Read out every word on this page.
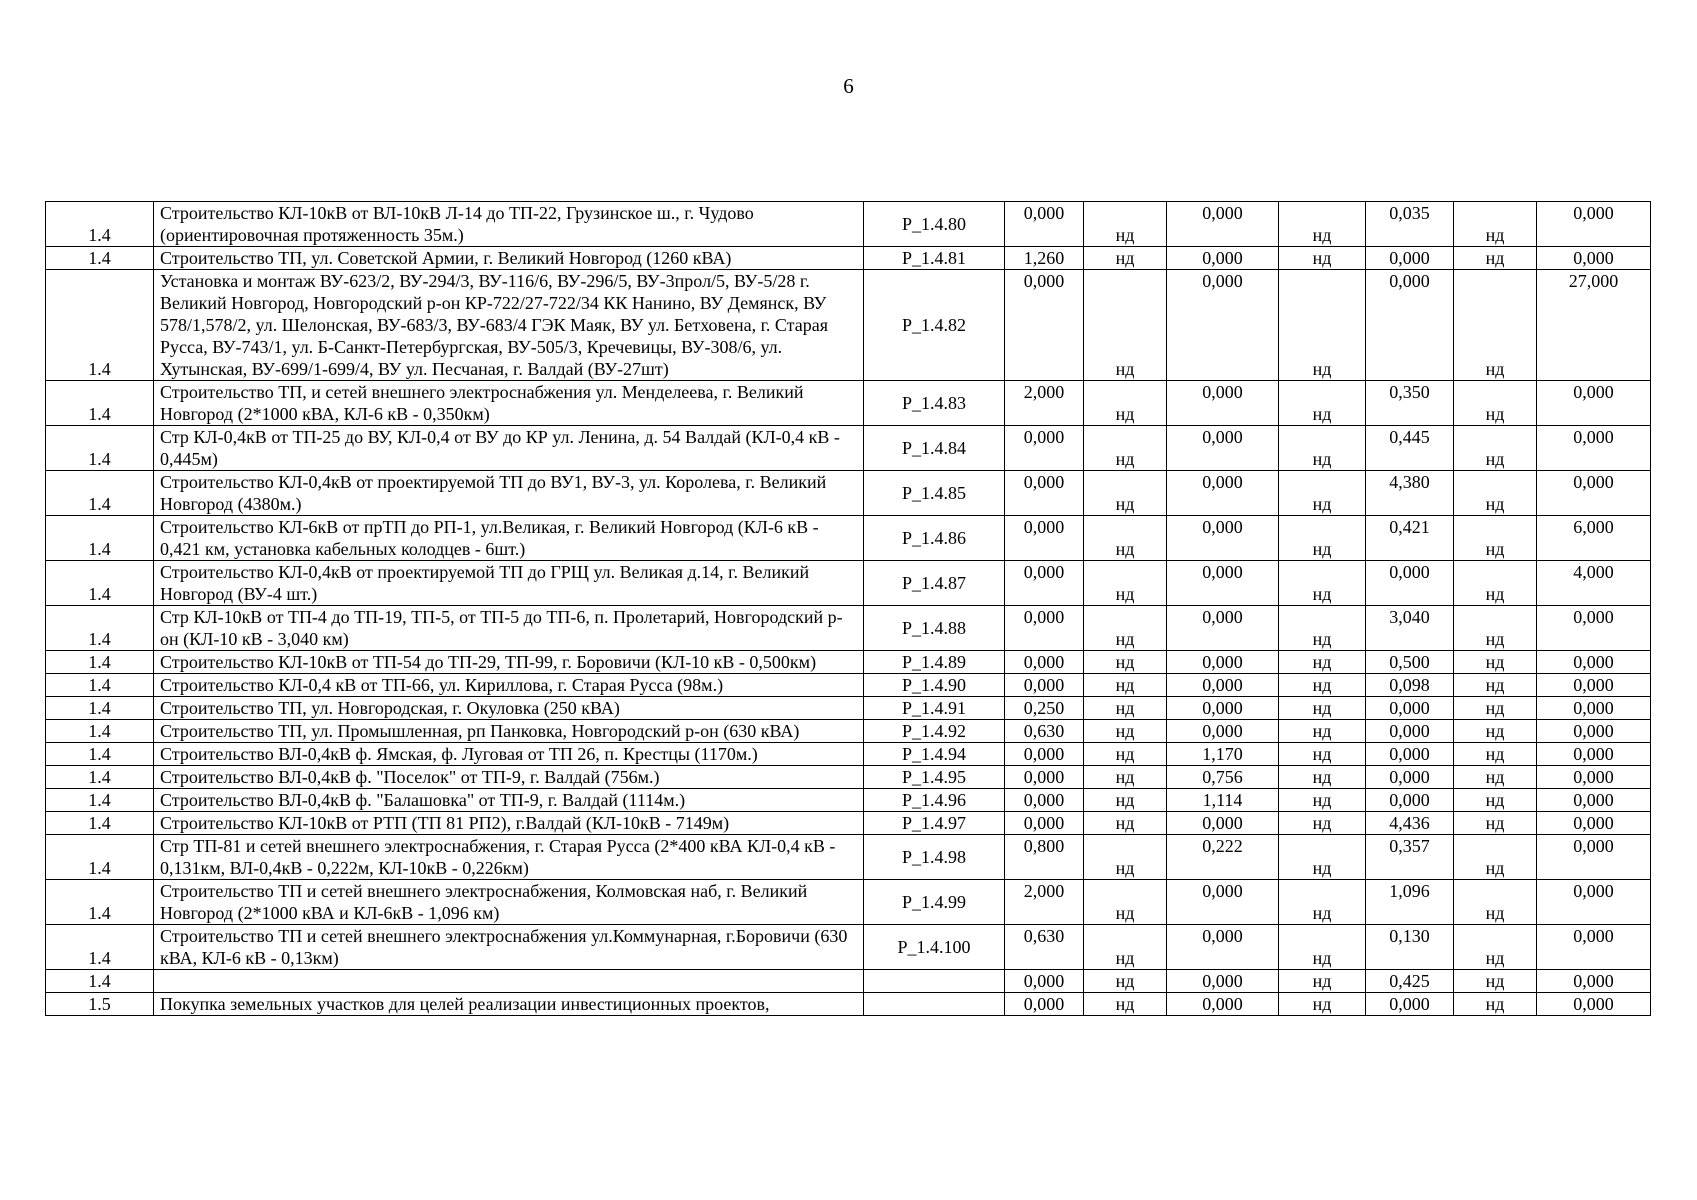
6
1.4	Строительство КЛ-10кВ от ВЛ-10кВ Л-14 до ТП-22, Грузинское ш., г. Чудово (ориентировочная протяженность 35м.)	P_1.4.80	0,000	нд	0,000	нд	0,035	нд	0,000
1.4	Строительство ТП, ул. Советской Армии, г. Великий Новгород (1260 кВА)	P_1.4.81	1,260	нд	0,000	нд	0,000	нд	0,000
1.4	Установка и монтаж ВУ-623/2, ВУ-294/3, ВУ-116/6, ВУ-296/5, ВУ-3прол/5, ВУ-5/28 г. Великий Новгород, Новгородский р-он КР-722/27-722/34 КК Нанино, ВУ Демянск, ВУ 578/1,578/2, ул. Шелонская, ВУ-683/3, ВУ-683/4 ГЭК Маяк, ВУ ул. Бетховена, г. Старая Русса, ВУ-743/1, ул. Б-Санкт-Петербургская, ВУ-505/3, Кречевицы, ВУ-308/6, ул. Хутынская, ВУ-699/1-699/4, ВУ ул. Песчаная, г. Валдай (ВУ-27шт)	P_1.4.82	0,000	нд	0,000	нд	0,000	нд	27,000
1.4	Строительство ТП, и сетей внешнего электроснабжения ул. Менделеева, г. Великий Новгород (2*1000 кВА, КЛ-6 кВ - 0,350км)	P_1.4.83	2,000	нд	0,000	нд	0,350	нд	0,000
1.4	Стр КЛ-0,4кВ от ТП-25 до ВУ, КЛ-0,4 от ВУ до КР ул. Ленина, д. 54 Валдай (КЛ-0,4 кВ - 0,445м)	P_1.4.84	0,000	нд	0,000	нд	0,445	нд	0,000
1.4	Строительство КЛ-0,4кВ от проектируемой ТП до ВУ1, ВУ-3, ул. Королева, г. Великий Новгород (4380м.)	P_1.4.85	0,000	нд	0,000	нд	4,380	нд	0,000
1.4	Строительство КЛ-6кВ от прТП до РП-1, ул.Великая, г. Великий Новгород (КЛ-6 кВ - 0,421 км, установка кабельных колодцев - 6шт.)	P_1.4.86	0,000	нд	0,000	нд	0,421	нд	6,000
1.4	Строительство КЛ-0,4кВ от проектируемой ТП до ГРЩ ул. Великая д.14, г. Великий Новгород (ВУ-4 шт.)	P_1.4.87	0,000	нд	0,000	нд	0,000	нд	4,000
1.4	Стр КЛ-10кВ от ТП-4 до ТП-19, ТП-5, от ТП-5 до ТП-6, п. Пролетарий, Новгородский р-он (КЛ-10 кВ - 3,040 км)	P_1.4.88	0,000	нд	0,000	нд	3,040	нд	0,000
1.4	Строительство КЛ-10кВ от ТП-54 до ТП-29, ТП-99, г. Боровичи (КЛ-10 кВ - 0,500км)	P_1.4.89	0,000	нд	0,000	нд	0,500	нд	0,000
1.4	Строительство КЛ-0,4 кВ от ТП-66, ул. Кириллова, г. Старая Русса (98м.)	P_1.4.90	0,000	нд	0,000	нд	0,098	нд	0,000
1.4	Строительство ТП, ул. Новгородская, г. Окуловка (250 кВА)	P_1.4.91	0,250	нд	0,000	нд	0,000	нд	0,000
1.4	Строительство ТП, ул. Промышленная, рп Панковка, Новгородский р-он (630 кВА)	P_1.4.92	0,630	нд	0,000	нд	0,000	нд	0,000
1.4	Строительство ВЛ-0,4кВ ф. Ямская, ф. Луговая от ТП 26, п. Крестцы (1170м.)	P_1.4.94	0,000	нд	1,170	нд	0,000	нд	0,000
1.4	Строительство ВЛ-0,4кВ ф. "Поселок" от ТП-9, г. Валдай (756м.)	P_1.4.95	0,000	нд	0,756	нд	0,000	нд	0,000
1.4	Строительство ВЛ-0,4кВ ф. "Балашовка" от ТП-9, г. Валдай (1114м.)	P_1.4.96	0,000	нд	1,114	нд	0,000	нд	0,000
1.4	Строительство КЛ-10кВ от РТП (ТП 81 РП2), г.Валдай (КЛ-10кВ - 7149м)	P_1.4.97	0,000	нд	0,000	нд	4,436	нд	0,000
1.4	Стр ТП-81 и сетей внешнего электроснабжения, г. Старая Русса (2*400 кВА КЛ-0,4 кВ - 0,131км, ВЛ-0,4кВ - 0,222м, КЛ-10кВ - 0,226км)	P_1.4.98	0,800	нд	0,222	нд	0,357	нд	0,000
1.4	Строительство ТП и сетей внешнего электроснабжения, Колмовская наб, г. Великий Новгород (2*1000 кВА и КЛ-6кВ - 1,096 км)	P_1.4.99	2,000	нд	0,000	нд	1,096	нд	0,000
1.4	Строительство ТП и сетей внешнего электроснабжения ул.Коммунарная, г.Боровичи (630 кВА, КЛ-6 кВ - 0,13км)	P_1.4.100	0,630	нд	0,000	нд	0,130	нд	0,000
1.4			0,000	нд	0,000	нд	0,425	нд	0,000
1.5	Покупка земельных участков для целей реализации инвестиционных проектов,		0,000	нд	0,000	нд	0,000	нд	0,000
